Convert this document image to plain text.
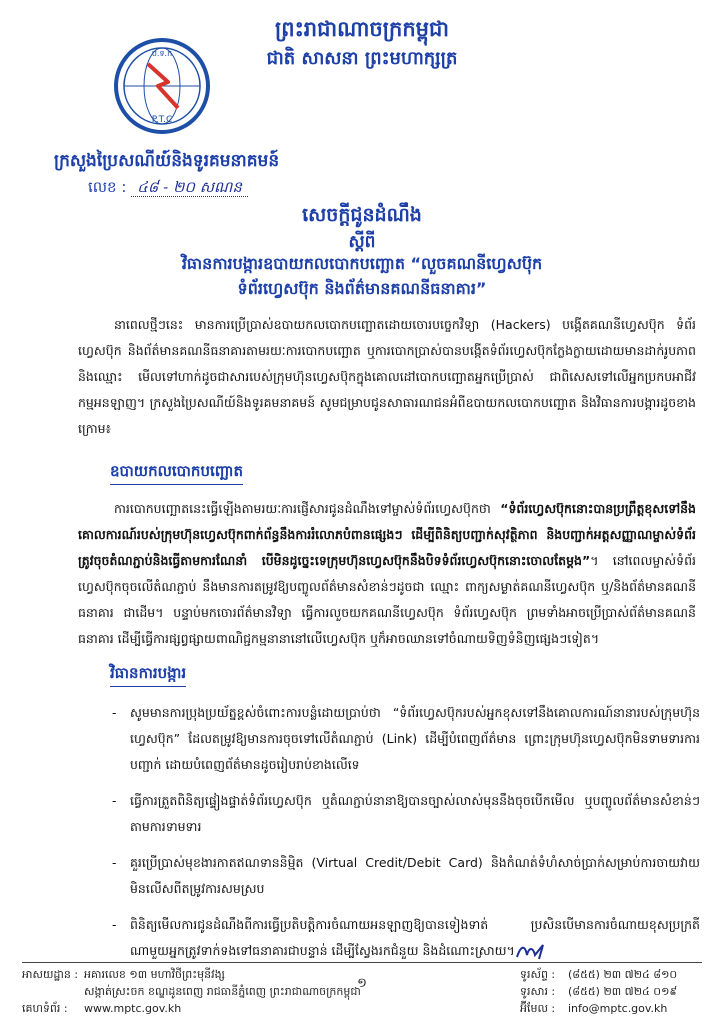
ព្រះរាជាណាចក្រកម្ពុជា
ជាតិ សាសនា ព្រះមហាក្សត្រ
ប.ទ.ក
P.T.C
ក្រសួងប្រៃសណីយ៍និងទូរគមនាគមន៍
លេខ : ៤៨ - ២០ សណន
សេចក្តីជូនដំណឹង
ស្តីពី
វិធានការបង្ការឧបាយកលបោកបញ្ឆោត “លួចគណនីហ្វេសប៊ុក
ទំព័រហ្វេសប៊ុក និងព័ត៌មានគណនីធនាគារ”
នាពេលថ្មីៗនេះ មានការប្រើប្រាស់ឧបាយកលបោកបញ្ឆោតដោយចោរបច្ចេកវិទ្យា (Hackers) បង្កើតគណនីហ្វេសប៊ុក ទំព័រហ្វេសប៊ុក និងព័ត៌មានគណនីធនាគារតាមរយៈការបោកបញ្ឆោត ឬការបោកប្រាស់បានបង្កើតទំព័រហ្វេសប៊ុកក្លែងក្លាយដោយមានដាក់រូបភាព និងឈ្មោះ មើលទៅហាក់ដូចជាសារបេស់ក្រុមហ៊ុនហ្វេសប៊ុកក្នុងគោលដៅបោកបញ្ឆោតអ្នកប្រើប្រាស់ ជាពិសេសទៅលើអ្នកប្រកបអាជីវកម្មអនឡាញ។ ក្រសួងប្រៃសណីយ៍និងទូរគមនាគមន៍ សូមជម្រាបជូនសាធារណជនអំពីឧបាយកលបោកបញ្ឆោត និងវិធានការបង្ការដូចខាងក្រោម៖
ឧបាយកលបោកបញ្ឆោត
ការបោកបញ្ឆោតនេះធ្វើឡើងតាមរយៈការផ្ញើសារជូនដំណឹងទៅម្ចាស់ទំព័រហ្វេសប៊ុកថា “ទំព័រហ្វេសប៊ុកនោះបានប្រព្រឹត្តខុសទៅនឹងគោលការណ៍របស់ក្រុមហ៊ុនហ្វេសប៊ុកពាក់ព័ន្ធនឹងការរំលោភបំពានផ្សេងៗ ដើម្បីពិនិត្យបញ្ជាក់សុវត្ថិភាព និងបញ្ជាក់អត្តសញ្ញាណម្ចាស់ទំព័រត្រូវចុចតំណភ្ជាប់និងធ្វើតាមការណែនាំ បើមិនដូច្នេះទេក្រុមហ៊ុនហ្វេសប៊ុកនឹងបិទទំព័រហ្វេសប៊ុកនោះចោលតែម្តង”។ នៅពេលម្ចាស់ទំព័រហ្វេសប៊ុកចុចលើតំណភ្ជាប់ នឹងមានការតម្រូវឱ្យបញ្ចូលព័ត៌មានសំខាន់ៗដូចជា ឈ្មោះ ពាក្យសម្ងាត់គណនីហ្វេសប៊ុក ឬ/និងព័ត៌មានគណនីធនាគារ ជាដើម។ បន្ទាប់មកចោរព័ត៌មានវិទ្យា ធ្វើការលួចយកគណនីហ្វេសប៊ុក ទំព័រហ្វេសប៊ុក ព្រមទាំងអាចប្រើប្រាស់ព័ត៌មានគណនីធនាគារ ដើម្បីធ្វើការផ្សព្វផ្សាយពាណិជ្ជកម្មនានានៅលើហ្វេសប៊ុក ឬក៏អាចឈានទៅចំណាយទិញទំនិញផ្សេងៗទៀត។
វិធានការបង្ការ
- សូមមានការប្រុងប្រយ័ត្នខ្ពស់ចំពោះការបន្លំដោយប្រាប់ថា “ទំព័រហ្វេសប៊ុករបស់អ្នកខុសទៅនឹងគោលការណ៍នានារបស់ក្រុមហ៊ុនហ្វេសប៊ុក” ដែលតម្រូវឱ្យមានការចុចទៅលើតំណភ្ជាប់ (Link) ដើម្បីបំពេញព័ត៌មាន ព្រោះក្រុមហ៊ុនហ្វេសប៊ុកមិនទាមទារការបញ្ជាក់ ដោយបំពេញព័ត៌មានដូចរៀបរាប់ខាងលើទេ
- ធ្វើការត្រួតពិនិត្យផ្ទៀងផ្ទាត់ទំព័រហ្វេសប៊ុក ឬតំណភ្ជាប់នានាឱ្យបានច្បាស់លាស់មុននឹងចុចបើកមើល ឬបញ្ចូលព័ត៌មានសំខាន់ៗតាមការទាមទារ
- គួរប្រើប្រាស់មុខងារកាតឥណទាននិម្មិត (Virtual Credit/Debit Card) និងកំណត់ទំហំសាច់ប្រាក់សម្រាប់ការចាយវាយមិនលើសពីតម្រូវការសមស្រប
- ពិនិត្យមើលការជូនដំណឹងពីការធ្វើប្រតិបត្តិការចំណាយអនឡាញឱ្យបានទៀងទាត់ ប្រសិនបើមានការចំណាយខុសប្រក្រតីណាមួយអ្នកត្រូវទាក់ទងទៅធនាគារជាបន្ទាន់ ដើម្បីស្វែងរកជំនួយ និងដំណោះស្រាយ។
អាសយដ្ឋាន : អគារលេខ ១៣ មហាវិថីព្រះមុនីវង្ស
សង្កាត់ស្រះចក ខណ្ឌដូនពេញ រាជធានីភ្នំពេញ ព្រះរាជាណាចក្រកម្ពុជា
គេហទំព័រ : www.mptc.gov.kh
១
ទូរស័ព្ទ : (៨៥៥) ២៣ ៧២៤ ៨១០
ទូរសារ : (៨៥៥) ២៣ ៧២៤ ០១៩
អ៊ីមែល : info@mptc.gov.kh
